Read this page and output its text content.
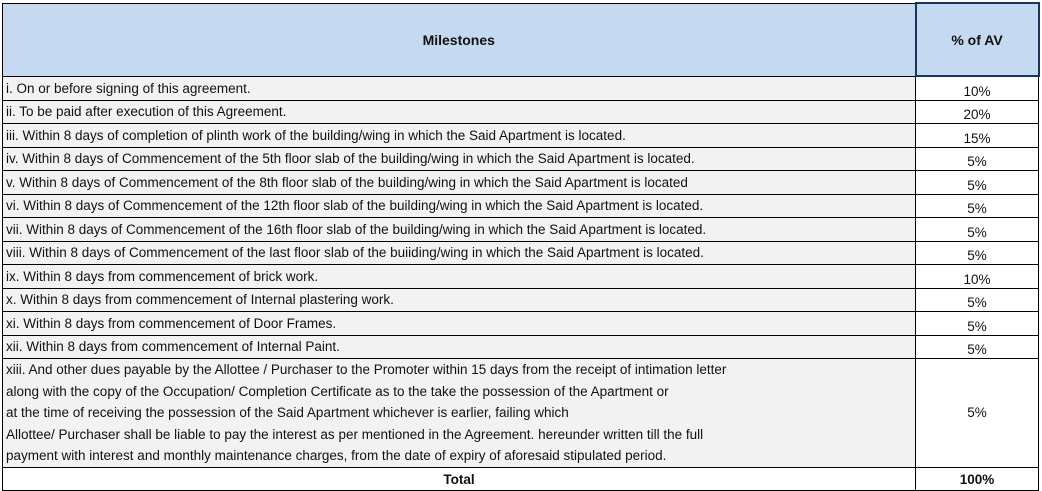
Milestones	% of AV
i. On or before signing of this agreement.	10%
ii. To be paid after execution of this Agreement.	20%
iii. Within 8 days of completion of plinth work of the building/wing in which the Said Apartment is located.	15%
iv. Within 8 days of Commencement of the 5th floor slab of the building/wing in which the Said Apartment is located.	5%
v. Within 8 days of Commencement of the 8th floor slab of the building/wing in which the Said Apartment is located	5%
vi. Within 8 days of Commencement of the 12th floor slab of the building/wing in which the Said Apartment is located.	5%
vii. Within 8 days of Commencement of the 16th floor slab of the building/wing in which the Said Apartment is located.	5%
viii. Within 8 days of Commencement of the last floor slab of the buiiding/wing in which the Said Apartment is located.	5%
ix. Within 8 days from commencement of brick work.	10%
x. Within 8 days from commencement of Internal plastering work.	5%
xi. Within 8 days from commencement of Door Frames.	5%
xii. Within 8 days from commencement of Internal Paint.	5%

xiii. And other dues payable by the Allottee / Purchaser to the Promoter within 15 days from the receipt of intimation letter
along with the copy of the Occupation/ Completion Certificate as to the take the possession of the Apartment or
at the time of receiving the possession of the Said Apartment whichever is earlier, failing which
Allottee/ Purchaser shall be liable to pay the interest as per mentioned in the Agreement. hereunder written till the full
payment with interest and monthly maintenance charges, from the date of expiry of aforesaid stipulated period.	5%
Total	100%
